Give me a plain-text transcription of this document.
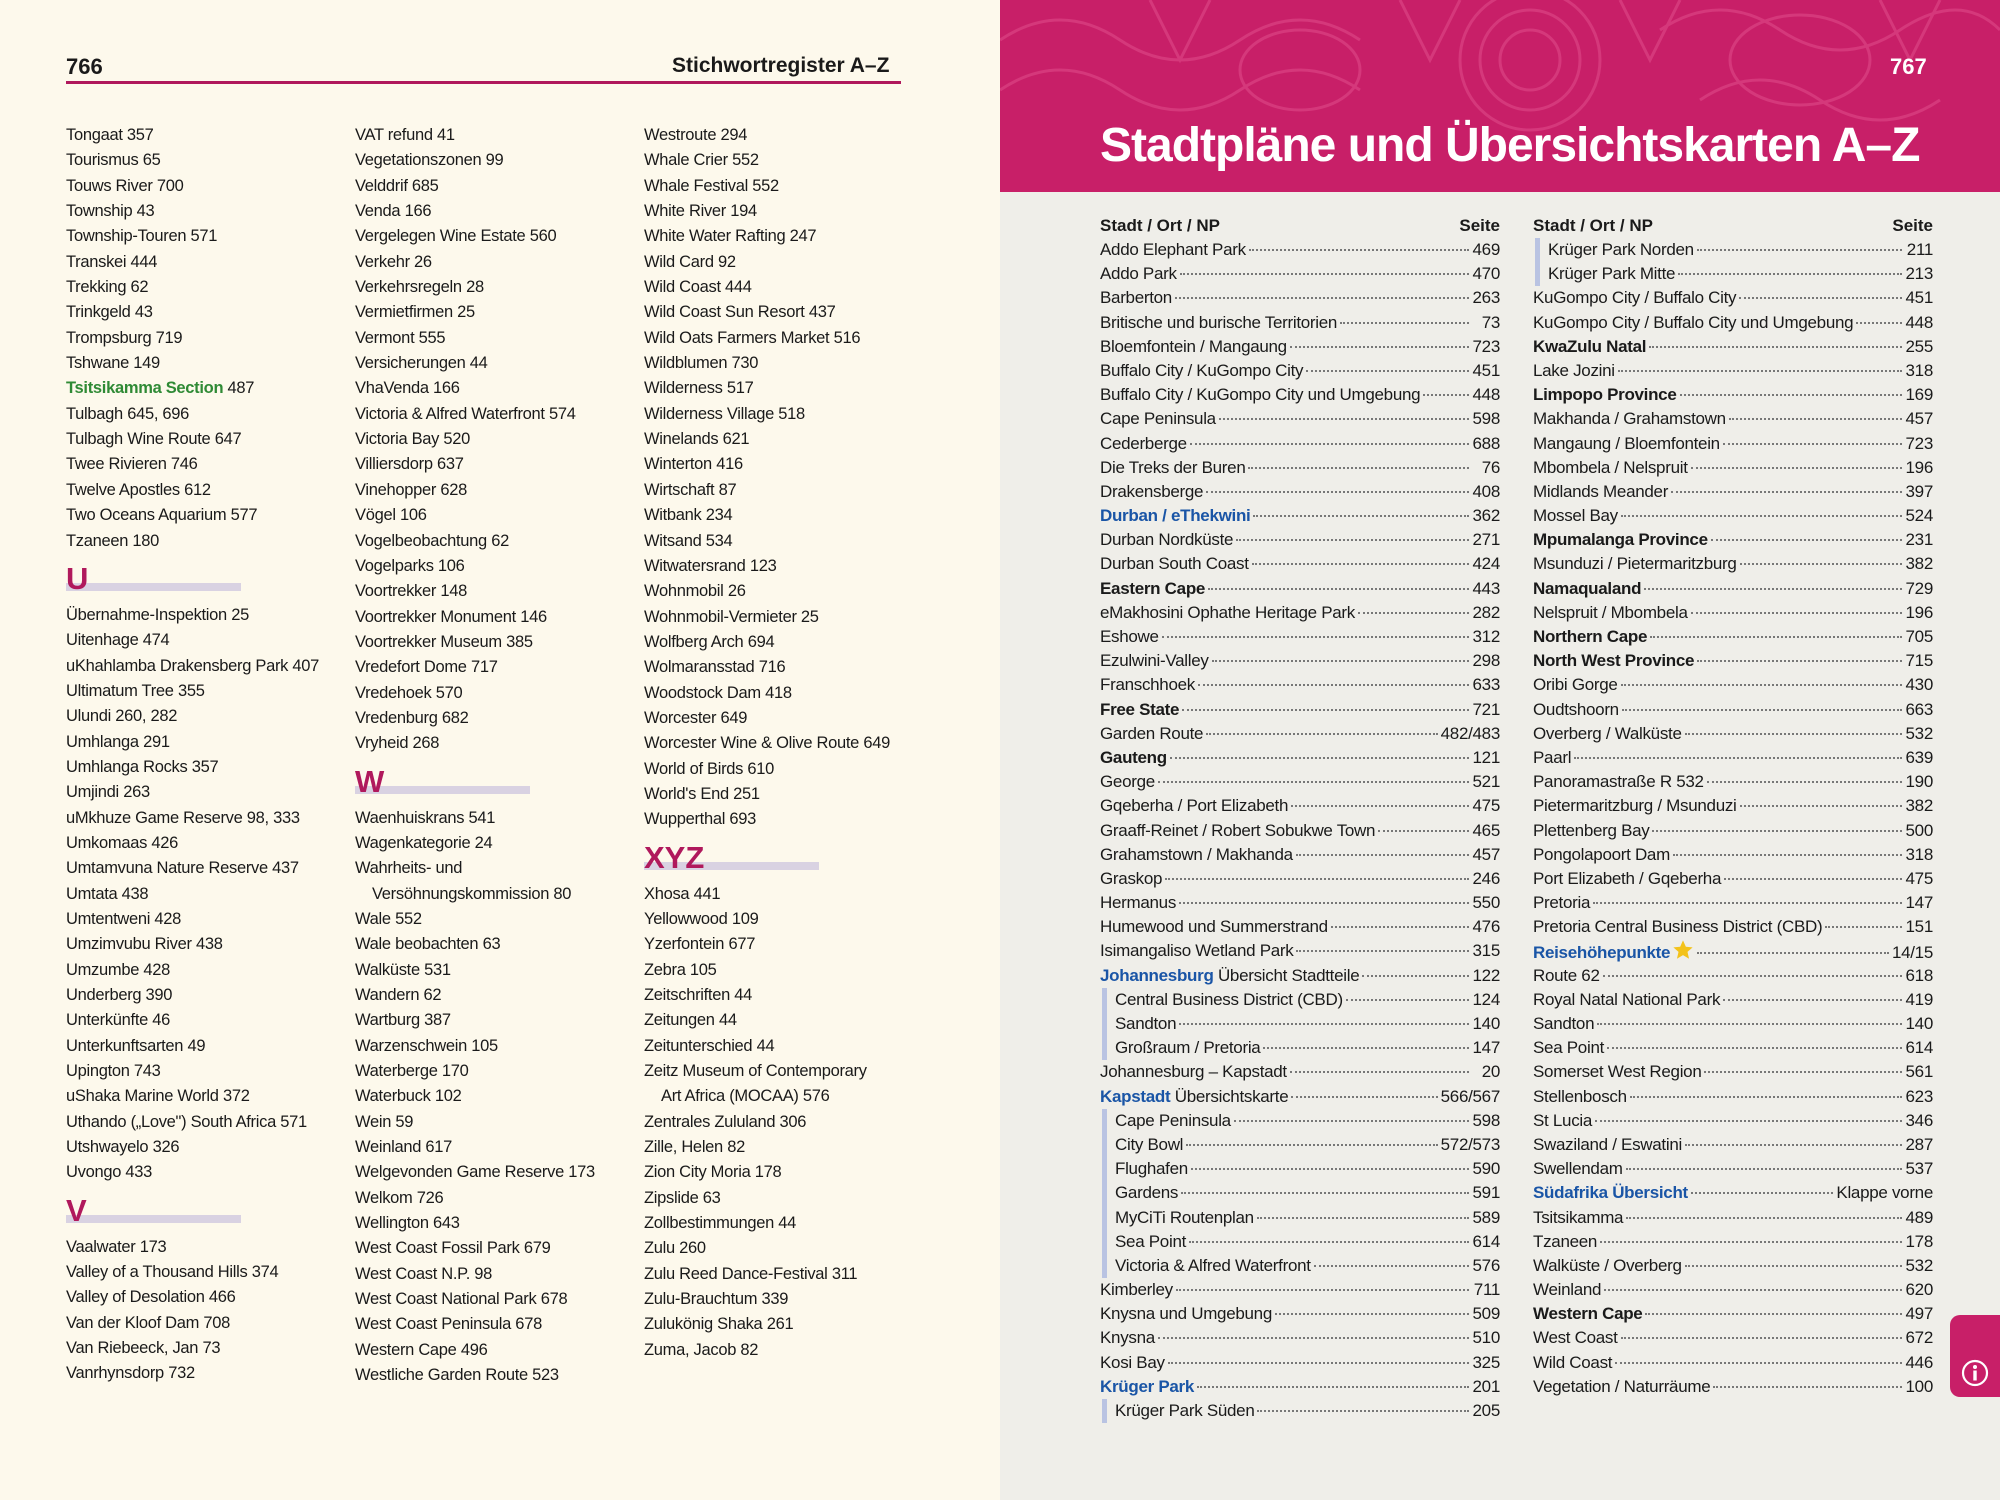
766	Stichwortregister A–Z
Tongaat 357
Tourismus 65
Touws River 700
Township 43
Township-Touren 571
Transkei 444
Trekking 62
Trinkgeld 43
Trompsburg 719
Tshwane 149
Tsitsikamma Section 487
Tulbagh 645, 696
Tulbagh Wine Route 647
Twee Rivieren 746
Twelve Apostles 612
Two Oceans Aquarium 577
Tzaneen 180
U
Übernahme-Inspektion 25
Uitenhage 474
uKhahlamba Drakensberg Park 407
Ultimatum Tree 355
Ulundi 260, 282
Umhlanga 291
Umhlanga Rocks 357
Umjindi 263
uMkhuze Game Reserve 98, 333
Umkomaas 426
Umtamvuna Nature Reserve 437
Umtata 438
Umtentweni 428
Umzimvubu River 438
Umzumbe 428
Underberg 390
Unterkünfte 46
Unterkunftsarten 49
Upington 743
uShaka Marine World 372
Uthando („Love") South Africa 571
Utshwayelo 326
Uvongo 433
V
Vaalwater 173
Valley of a Thousand Hills 374
Valley of Desolation 466
Van der Kloof Dam 708
Van Riebeeck, Jan 73
Vanrhynsdorp 732
VAT refund 41
Vegetationszonen 99
Velddrif 685
Venda 166
Vergelegen Wine Estate 560
Verkehr 26
Verkehrsregeln 28
Vermietfirmen 25
Vermont 555
Versicherungen 44
VhaVenda 166
Victoria & Alfred Waterfront 574
Victoria Bay 520
Villiersdorp 637
Vinehopper 628
Vögel 106
Vogelbeobachtung 62
Vogelparks 106
Voortrekker 148
Voortrekker Monument 146
Voortrekker Museum 385
Vredefort Dome 717
Vredehoek 570
Vredenburg 682
Vryheid 268
W
Waenhuiskrans 541
Wagenkategorie 24
Wahrheits- und
Versöhnungskommission 80
Wale 552
Wale beobachten 63
Walküste 531
Wandern 62
Wartburg 387
Warzenschwein 105
Waterberge 170
Waterbuck 102
Wein 59
Weinland 617
Welgevonden Game Reserve 173
Welkom 726
Wellington 643
West Coast Fossil Park 679
West Coast N.P. 98
West Coast National Park 678
West Coast Peninsula 678
Western Cape 496
Westliche Garden Route 523
Westroute 294
Whale Crier 552
Whale Festival 552
White River 194
White Water Rafting 247
Wild Card 92
Wild Coast 444
Wild Coast Sun Resort 437
Wild Oats Farmers Market 516
Wildblumen 730
Wilderness 517
Wilderness Village 518
Winelands 621
Winterton 416
Wirtschaft 87
Witbank 234
Witsand 534
Witwatersrand 123
Wohnmobil 26
Wohnmobil-Vermieter 25
Wolfberg Arch 694
Wolmaransstad 716
Woodstock Dam 418
Worcester 649
Worcester Wine & Olive Route 649
World of Birds 610
World's End 251
Wupperthal 693
XYZ
Xhosa 441
Yellowwood 109
Yzerfontein 677
Zebra 105
Zeitschriften 44
Zeitungen 44
Zeitunterschied 44
Zeitz Museum of Contemporary
Art Africa (MOCAA) 576
Zentrales Zululand 306
Zille, Helen 82
Zion City Moria 178
Zipslide 63
Zollbestimmungen 44
Zulu 260
Zulu Reed Dance-Festival 311
Zulu-Brauchtum 339
Zulukönig Shaka 261
Zuma, Jacob 82
767
Stadtpläne und Übersichtskarten A–Z
Stadt / Ort / NP	Seite
Addo Elephant Park	469
Addo Park	470
Barberton	263
Britische und burische Territorien	73
Bloemfontein / Mangaung	723
Buffalo City / KuGompo City	451
Buffalo City / KuGompo City und Umgebung	448
Cape Peninsula	598
Cederberge	688
Die Treks der Buren	76
Drakensberge	408
Durban / eThekwini	362
Durban Nordküste	271
Durban South Coast	424
Eastern Cape	443
eMakhosini Ophathe Heritage Park	282
Eshowe	312
Ezulwini-Valley	298
Franschhoek	633
Free State	721
Garden Route	482/483
Gauteng	121
George	521
Gqeberha / Port Elizabeth	475
Graaff-Reinet / Robert Sobukwe Town	465
Grahamstown / Makhanda	457
Graskop	246
Hermanus	550
Humewood und Summerstrand	476
Isimangaliso Wetland Park	315
Johannesburg Übersicht Stadtteile	122
Central Business District (CBD)	124
Sandton	140
Großraum / Pretoria	147
Johannesburg – Kapstadt	20
Kapstadt Übersichtskarte	566/567
Cape Peninsula	598
City Bowl	572/573
Flughafen	590
Gardens	591
MyCiTi Routenplan	589
Sea Point	614
Victoria & Alfred Waterfront	576
Kimberley	711
Knysna und Umgebung	509
Knysna	510
Kosi Bay	325
Krüger Park	201
Krüger Park Süden	205
Stadt / Ort / NP	Seite
Krüger Park Norden	211
Krüger Park Mitte	213
KuGompo City / Buffalo City	451
KuGompo City / Buffalo City und Umgebung	448
KwaZulu Natal	255
Lake Jozini	318
Limpopo Province	169
Makhanda / Grahamstown	457
Mangaung / Bloemfontein	723
Mbombela / Nelspruit	196
Midlands Meander	397
Mossel Bay	524
Mpumalanga Province	231
Msunduzi / Pietermaritzburg	382
Namaqualand	729
Nelspruit / Mbombela	196
Northern Cape	705
North West Province	715
Oribi Gorge	430
Oudtshoorn	663
Overberg / Walküste	532
Paarl	639
Panoramastraße R 532	190
Pietermaritzburg / Msunduzi	382
Plettenberg Bay	500
Pongolapoort Dam	318
Port Elizabeth / Gqeberha	475
Pretoria	147
Pretoria Central Business District (CBD)	151
Reisehöhepunkte	14/15
Route 62	618
Royal Natal National Park	419
Sandton	140
Sea Point	614
Somerset West Region	561
Stellenbosch	623
St Lucia	346
Swaziland / Eswatini	287
Swellendam	537
Südafrika Übersicht	Klappe vorne
Tsitsikamma	489
Tzaneen	178
Walküste / Overberg	532
Weinland	620
Western Cape	497
West Coast	672
Wild Coast	446
Vegetation / Naturräume	100
